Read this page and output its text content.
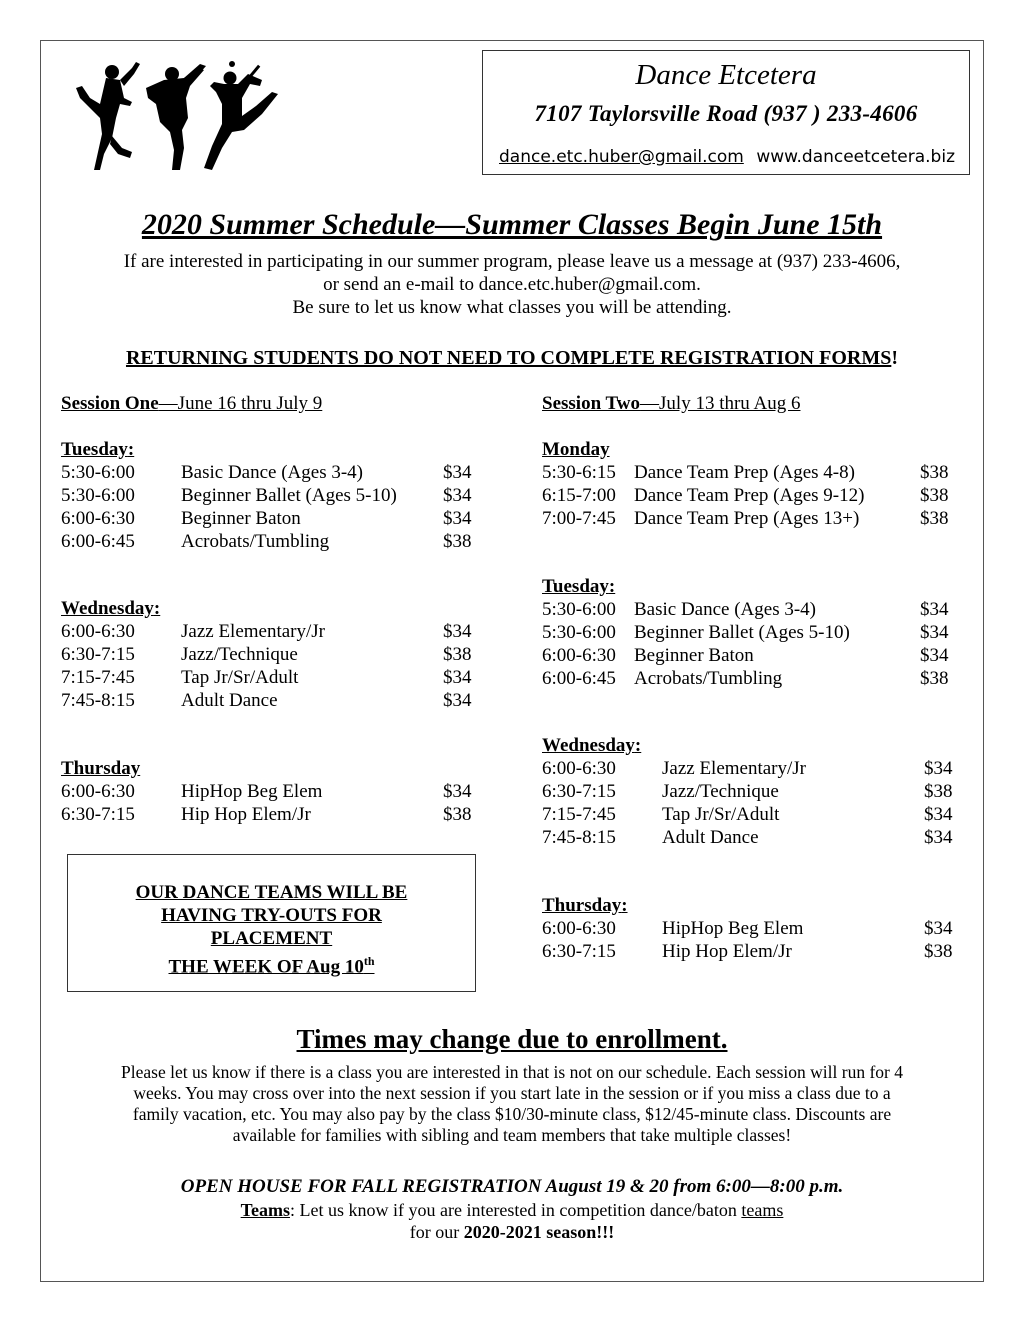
Dance Etcetera
7107 Taylorsville Road (937 ) 233-4606
dance.etc.huber@gmail.com www.danceetcetera.biz
2020 Summer Schedule—Summer Classes Begin June 15th
If are interested in participating in our summer program, please leave us a message at (937) 233-4606,
or send an e-mail to dance.etc.huber@gmail.com.
Be sure to let us know what classes you will be attending.
RETURNING STUDENTS DO NOT NEED TO COMPLETE REGISTRATION FORMS!
Session One—June 16 thru July 9
Tuesday:
5:30-6:00 Basic Dance (Ages 3-4)	$34
5:30-6:00 Beginner Ballet (Ages 5-10) $34
6:00-6:30 Beginner Baton	$34
6:00-6:45 Acrobats/Tumbling	$38
Wednesday:
6:00-6:30 Jazz Elementary/Jr	$34
6:30-7:15 Jazz/Technique	$38
7:15-7:45 Tap Jr/Sr/Adult	$34
7:45-8:15 Adult Dance	$34
Thursday
6:00-6:30 HipHop Beg Elem	$34
6:30-7:15 Hip Hop Elem/Jr	$38
Session Two—July 13 thru Aug 6
Monday
5:30-6:15 Dance Team Prep (Ages 4-8)	$38
6:15-7:00 Dance Team Prep (Ages 9-12)	$38
7:00-7:45 Dance Team Prep (Ages 13+)	$38
Tuesday:
5:30-6:00 Basic Dance (Ages 3-4)	$34
5:30-6:00 Beginner Ballet (Ages 5-10)	$34
6:00-6:30 Beginner Baton	$34
6:00-6:45 Acrobats/Tumbling	$38
Wednesday:
6:00-6:30 Jazz Elementary/Jr	$34
6:30-7:15 Jazz/Technique	$38
7:15-7:45 Tap Jr/Sr/Adult	$34
7:45-8:15 Adult Dance	$34
Thursday:
6:00-6:30 HipHop Beg Elem	$34
6:30-7:15 Hip Hop Elem/Jr	$38
OUR DANCE TEAMS WILL BE
HAVING TRY-OUTS FOR
PLACEMENT
THE WEEK OF Aug 10th
Times may change due to enrollment.
Please let us know if there is a class you are interested in that is not on our schedule. Each session will run for 4
weeks. You may cross over into the next session if you start late in the session or if you miss a class due to a
family vacation, etc. You may also pay by the class $10/30-minute class, $12/45-minute class. Discounts are
available for families with sibling and team members that take multiple classes!
OPEN HOUSE FOR FALL REGISTRATION August 19 & 20 from 6:00—8:00 p.m.
Teams: Let us know if you are interested in competition dance/baton teams
for our 2020-2021 season!!!
